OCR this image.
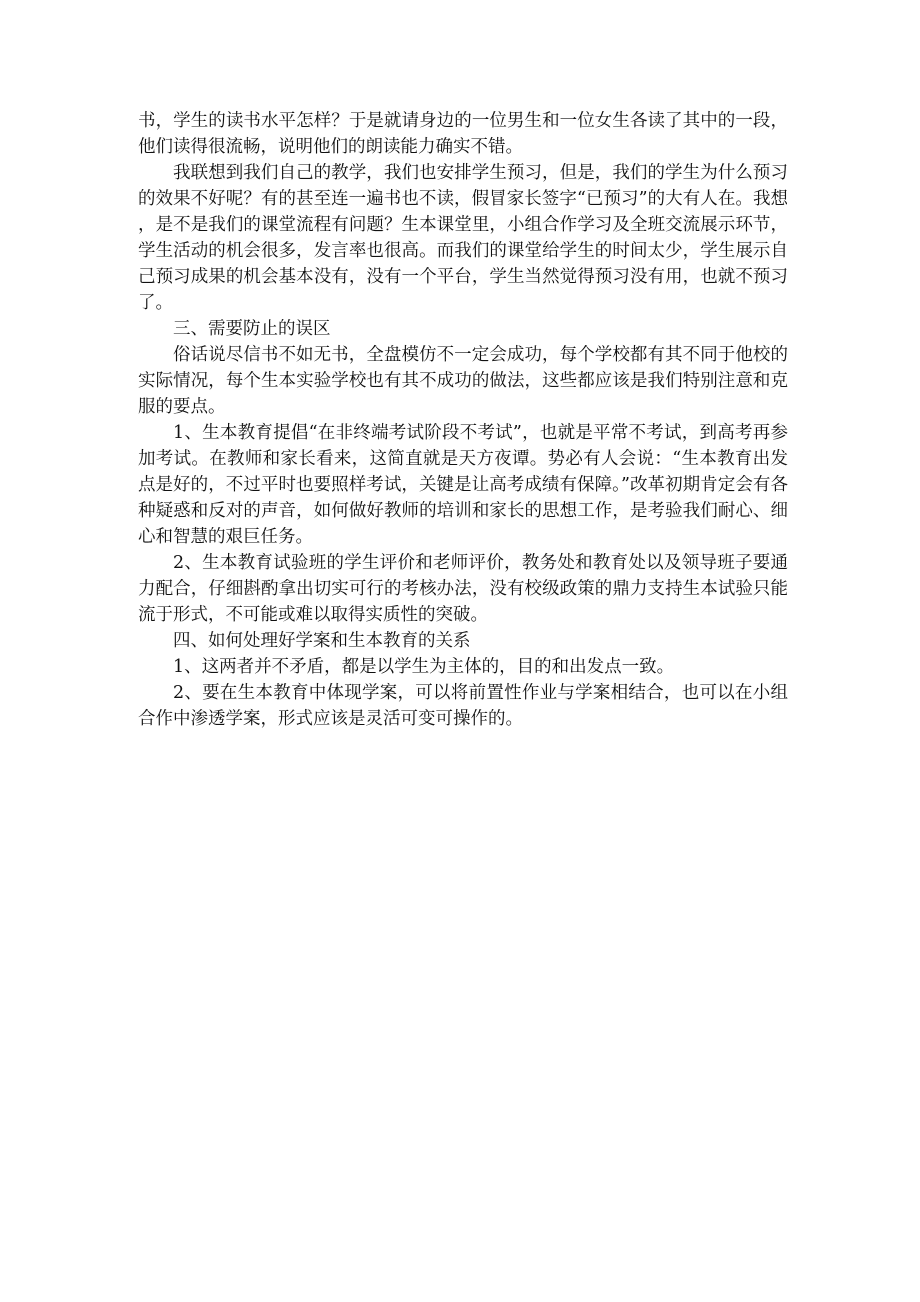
书，学生的读书水平怎样？于是就请身边的一位男生和一位女生各读了其中的一段，他们读得很流畅，说明他们的朗读能力确实不错。

我联想到我们自己的教学，我们也安排学生预习，但是，我们的学生为什么预习的效果不好呢？有的甚至连一遍书也不读，假冒家长签字“已预习”的大有人在。我想，是不是我们的课堂流程有问题？生本课堂里，小组合作学习及全班交流展示环节，学生活动的机会很多，发言率也很高。而我们的课堂给学生的时间太少，学生展示自己预习成果的机会基本没有，没有一个平台，学生当然觉得预习没有用，也就不预习了。

三、需要防止的误区

俗话说尽信书不如无书，全盘模仿不一定会成功，每个学校都有其不同于他校的实际情况，每个生本实验学校也有其不成功的做法，这些都应该是我们特别注意和克服的要点。

1、生本教育提倡“在非终端考试阶段不考试”，也就是平常不考试，到高考再参加考试。在教师和家长看来，这简直就是天方夜谭。势必有人会说：“生本教育出发点是好的，不过平时也要照样考试，关键是让高考成绩有保障。”改革初期肯定会有各种疑惑和反对的声音，如何做好教师的培训和家长的思想工作，是考验我们耐心、细心和智慧的艰巨任务。

2、生本教育试验班的学生评价和老师评价，教务处和教育处以及领导班子要通力配合，仔细斟酌拿出切实可行的考核办法，没有校级政策的鼎力支持生本试验只能流于形式，不可能或难以取得实质性的突破。

四、如何处理好学案和生本教育的关系

1、这两者并不矛盾，都是以学生为主体的，目的和出发点一致。

2、要在生本教育中体现学案，可以将前置性作业与学案相结合，也可以在小组合作中渗透学案，形式应该是灵活可变可操作的。
